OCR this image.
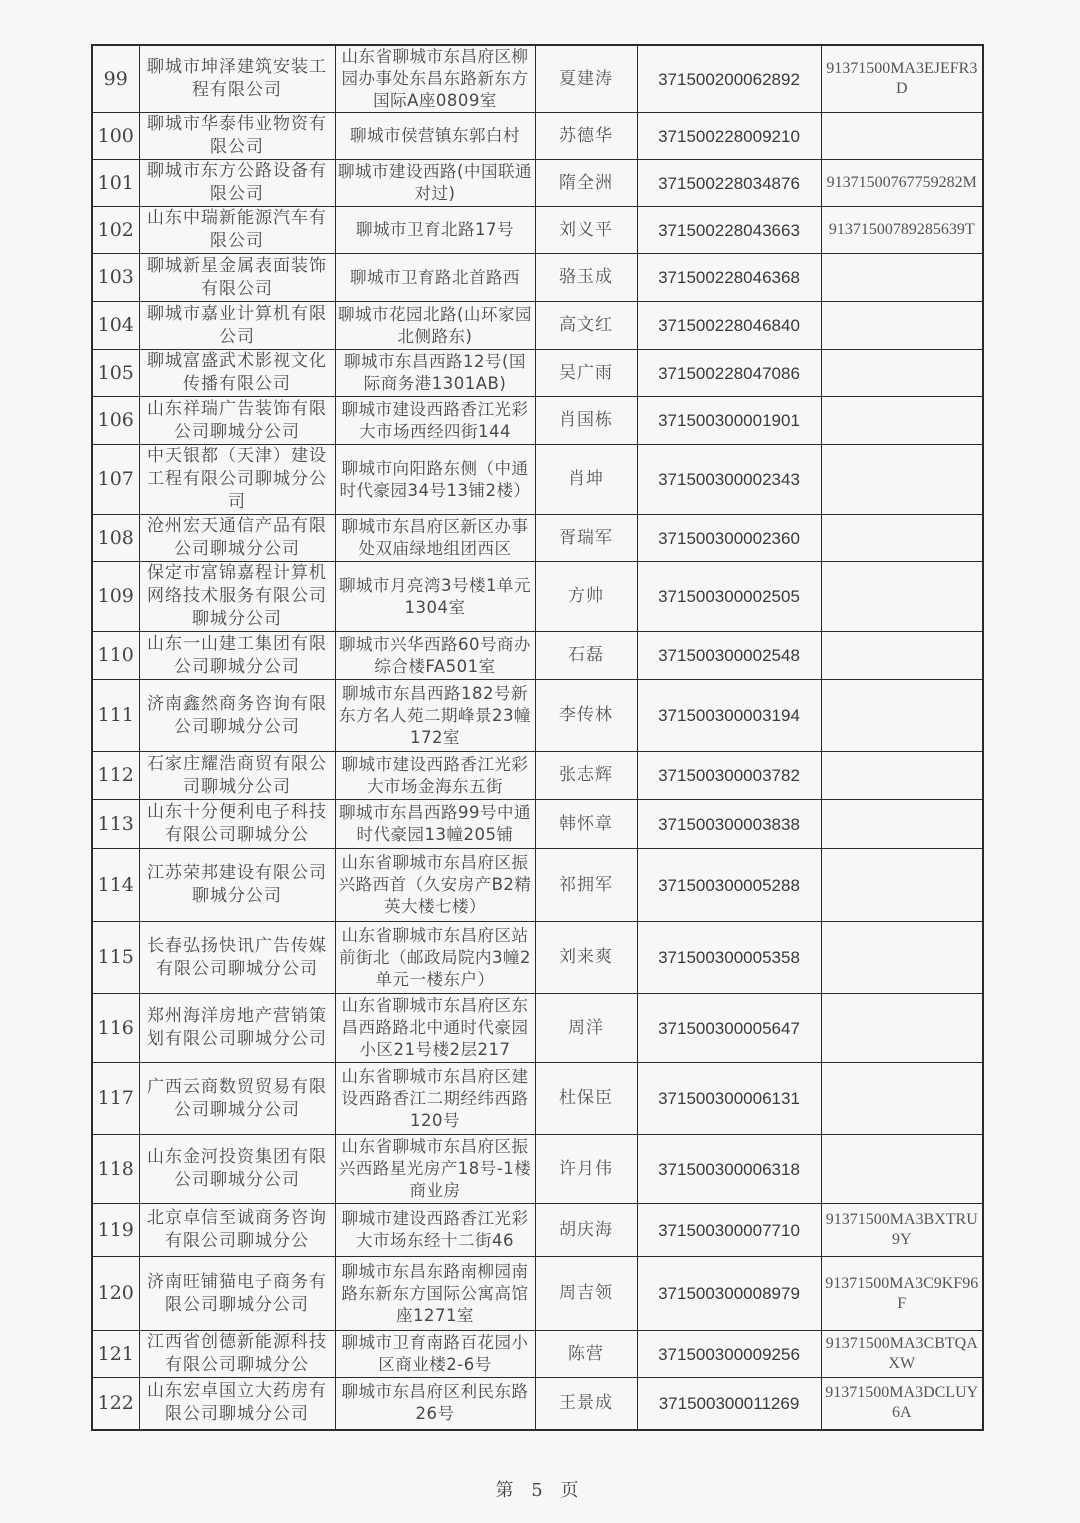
99	聊城市坤泽建筑安装工程有限公司	山东省聊城市东昌府区柳园办事处东昌东路新东方国际A座0809室	夏建涛	371500200062892	91371500MA3EJEFR3D
100	聊城市华泰伟业物资有限公司	聊城市侯营镇东郭白村	苏德华	371500228009210	
101	聊城市东方公路设备有限公司	聊城市建设西路(中国联通对过)	隋全洲	371500228034876	91371500767759282M
102	山东中瑞新能源汽车有限公司	聊城市卫育北路17号	刘义平	371500228043663	91371500789285639T
103	聊城新星金属表面装饰有限公司	聊城市卫育路北首路西	骆玉成	371500228046368	
104	聊城市嘉业计算机有限公司	聊城市花园北路(山环家园北侧路东)	高文红	371500228046840	
105	聊城富盛武术影视文化传播有限公司	聊城市东昌西路12号(国际商务港1301AB)	吴广雨	371500228047086	
106	山东祥瑞广告装饰有限公司聊城分公司	聊城市建设西路香江光彩大市场西经四街144	肖国栋	371500300001901	
107	中天银都（天津）建设工程有限公司聊城分公司	聊城市向阳路东侧（中通时代豪园34号13铺2楼）	肖坤	371500300002343	
108	沧州宏天通信产品有限公司聊城分公司	聊城市东昌府区新区办事处双庙绿地组团西区	胥瑞军	371500300002360	
109	保定市富锦嘉程计算机网络技术服务有限公司聊城分公司	聊城市月亮湾3号楼1单元1304室	方帅	371500300002505	
110	山东一山建工集团有限公司聊城分公司	聊城市兴华西路60号商办综合楼FA501室	石磊	371500300002548	
111	济南鑫然商务咨询有限公司聊城分公司	聊城市东昌西路182号新东方名人苑二期峰景23幢172室	李传林	371500300003194	
112	石家庄耀浩商贸有限公司聊城分公司	聊城市建设西路香江光彩大市场金海东五街	张志辉	371500300003782	
113	山东十分便利电子科技有限公司聊城分公	聊城市东昌西路99号中通时代豪园13幢205铺	韩怀章	371500300003838	
114	江苏荣邦建设有限公司聊城分公司	山东省聊城市东昌府区振兴路西首（久安房产B2精英大楼七楼）	祁拥军	371500300005288	
115	长春弘扬快讯广告传媒有限公司聊城分公司	山东省聊城市东昌府区站前街北（邮政局院内3幢2单元一楼东户）	刘来爽	371500300005358	
116	郑州海洋房地产营销策划有限公司聊城分公司	山东省聊城市东昌府区东昌西路路北中通时代豪园小区21号楼2层217	周洋	371500300005647	
117	广西云商数贸贸易有限公司聊城分公司	山东省聊城市东昌府区建设西路香江二期经纬西路120号	杜保臣	371500300006131	
118	山东金河投资集团有限公司聊城分公司	山东省聊城市东昌府区振兴西路星光房产18号-1楼商业房	许月伟	371500300006318	
119	北京卓信至诚商务咨询有限公司聊城分公	聊城市建设西路香江光彩大市场东经十二街46	胡庆海	371500300007710	91371500MA3BXTRU9Y
120	济南旺铺猫电子商务有限公司聊城分公司	聊城市东昌东路南柳园南路东新东方国际公寓高馆座1271室	周吉领	371500300008979	91371500MA3C9KF96F
121	江西省创德新能源科技有限公司聊城分公	聊城市卫育南路百花园小区商业楼2-6号	陈营	371500300009256	91371500MA3CBTQAXW
122	山东宏卓国立大药房有限公司聊城分公司	聊城市东昌府区利民东路26号	王景成	371500300011269	91371500MA3DCLUY6A
第 5 页
